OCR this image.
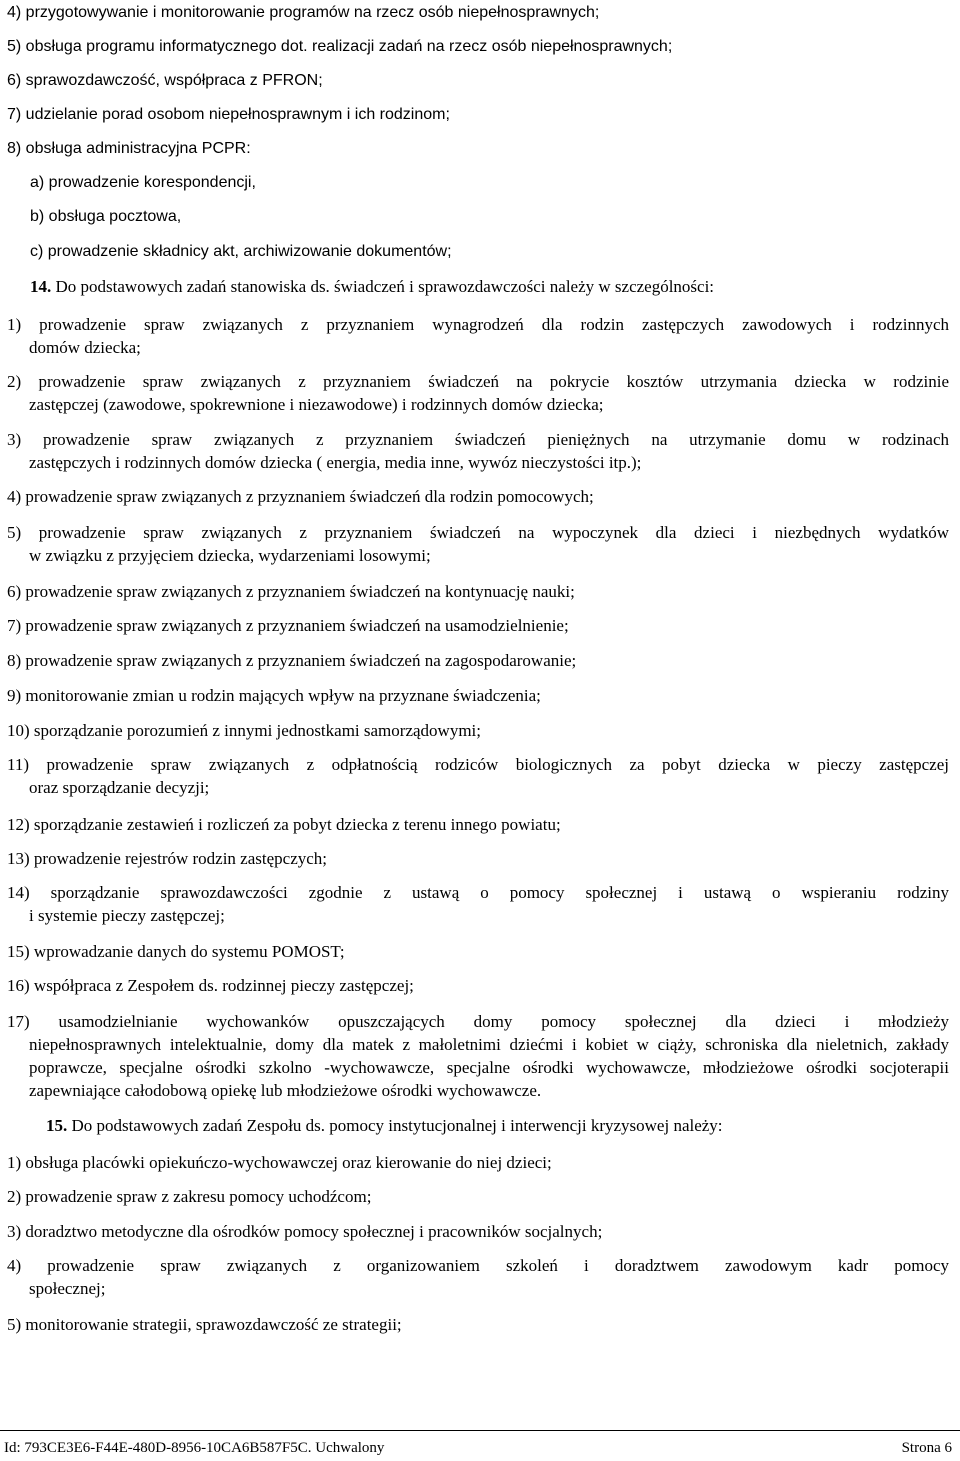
4) przygotowywanie i monitorowanie programów na rzecz osób niepełnosprawnych;
5) obsługa programu informatycznego dot. realizacji zadań na rzecz osób niepełnosprawnych;
6) sprawozdawczość, współpraca z PFRON;
7) udzielanie porad osobom niepełnosprawnym i ich rodzinom;
8) obsługa administracyjna PCPR:
a) prowadzenie korespondencji,
b) obsługa pocztowa,
c) prowadzenie składnicy akt, archiwizowanie dokumentów;
14. Do podstawowych zadań stanowiska ds. świadczeń i sprawozdawczości należy w szczególności:
1) prowadzenie spraw związanych z przyznaniem wynagrodzeń dla rodzin zastępczych zawodowych i rodzinnych
domów dziecka;
2) prowadzenie spraw związanych z przyznaniem świadczeń na pokrycie kosztów utrzymania dziecka w rodzinie
zastępczej (zawodowe, spokrewnione i niezawodowe) i rodzinnych domów dziecka;
3) prowadzenie spraw związanych z przyznaniem świadczeń pieniężnych na utrzymanie domu w rodzinach
zastępczych i rodzinnych domów dziecka ( energia, media inne, wywóz nieczystości itp.);
4) prowadzenie spraw związanych z przyznaniem świadczeń dla rodzin pomocowych;
5) prowadzenie spraw związanych z przyznaniem świadczeń na wypoczynek dla dzieci i niezbędnych wydatków
w związku z przyjęciem dziecka, wydarzeniami losowymi;
6) prowadzenie spraw związanych z przyznaniem świadczeń na kontynuację nauki;
7) prowadzenie spraw związanych z przyznaniem świadczeń na usamodzielnienie;
8) prowadzenie spraw związanych z przyznaniem świadczeń na zagospodarowanie;
9) monitorowanie zmian u rodzin mających wpływ na przyznane świadczenia;
10) sporządzanie porozumień z innymi jednostkami samorządowymi;
11) prowadzenie spraw związanych z odpłatnością rodziców biologicznych za pobyt dziecka w pieczy zastępczej
oraz sporządzanie decyzji;
12) sporządzanie zestawień i rozliczeń za pobyt dziecka z terenu innego powiatu;
13) prowadzenie rejestrów rodzin zastępczych;
14) sporządzanie sprawozdawczości zgodnie z ustawą o pomocy społecznej i ustawą o wspieraniu rodziny
i systemie pieczy zastępczej;
15) wprowadzanie danych do systemu POMOST;
16) współpraca z Zespołem ds. rodzinnej pieczy zastępczej;
17) usamodzielnianie wychowanków opuszczających domy pomocy społecznej dla dzieci i młodzieży
niepełnosprawnych intelektualnie, domy dla matek z małoletnimi dziećmi i kobiet w ciąży, schroniska dla nieletnich, zakłady poprawcze, specjalne ośrodki szkolno -wychowawcze, specjalne ośrodki wychowawcze, młodzieżowe ośrodki socjoterapii zapewniające całodobową opiekę lub młodzieżowe ośrodki wychowawcze.
15. Do podstawowych zadań Zespołu ds. pomocy instytucjonalnej i interwencji kryzysowej należy:
1) obsługa placówki opiekuńczo-wychowawczej oraz kierowanie do niej dzieci;
2) prowadzenie spraw z zakresu pomocy uchodźcom;
3) doradztwo metodyczne dla ośrodków pomocy społecznej i pracowników socjalnych;
4) prowadzenie spraw związanych z organizowaniem szkoleń i doradztwem zawodowym kadr pomocy
społecznej;
5) monitorowanie strategii, sprawozdawczość ze strategii;
Id: 793CE3E6-F44E-480D-8956-10CA6B587F5C. Uchwalony	Strona 6
